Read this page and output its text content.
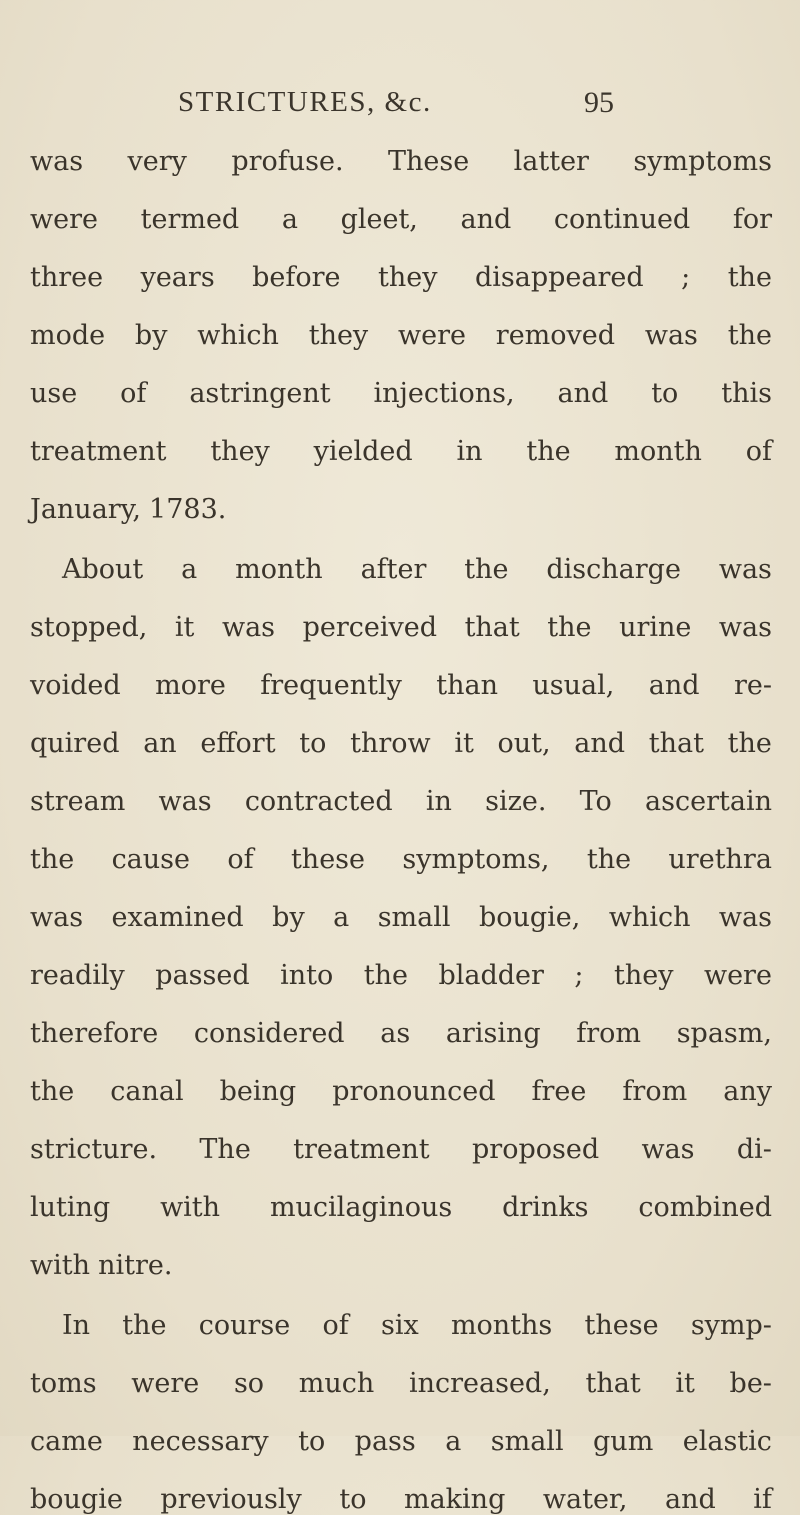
STRICTURES, &c.	95
was very profuse. These latter symptoms
were termed a gleet, and continued for
three years before they disappeared ; the
mode by which they were removed was the
use of astringent injections, and to this
treatment they yielded in the month of
January, 1783.
About a month after the discharge was
stopped, it was perceived that the urine was
voided more frequently than usual, and re-
quired an effort to throw it out, and that the
stream was contracted in size. To ascertain
the cause of these symptoms, the urethra
was examined by a small bougie, which was
readily passed into the bladder ; they were
therefore considered as arising from spasm,
the canal being pronounced free from any
stricture. The treatment proposed was di-
luting with mucilaginous drinks combined
with nitre.
In the course of six months these symp-
toms were so much increased, that it be-
came necessary to pass a small gum elastic
bougie previously to making water, and if
